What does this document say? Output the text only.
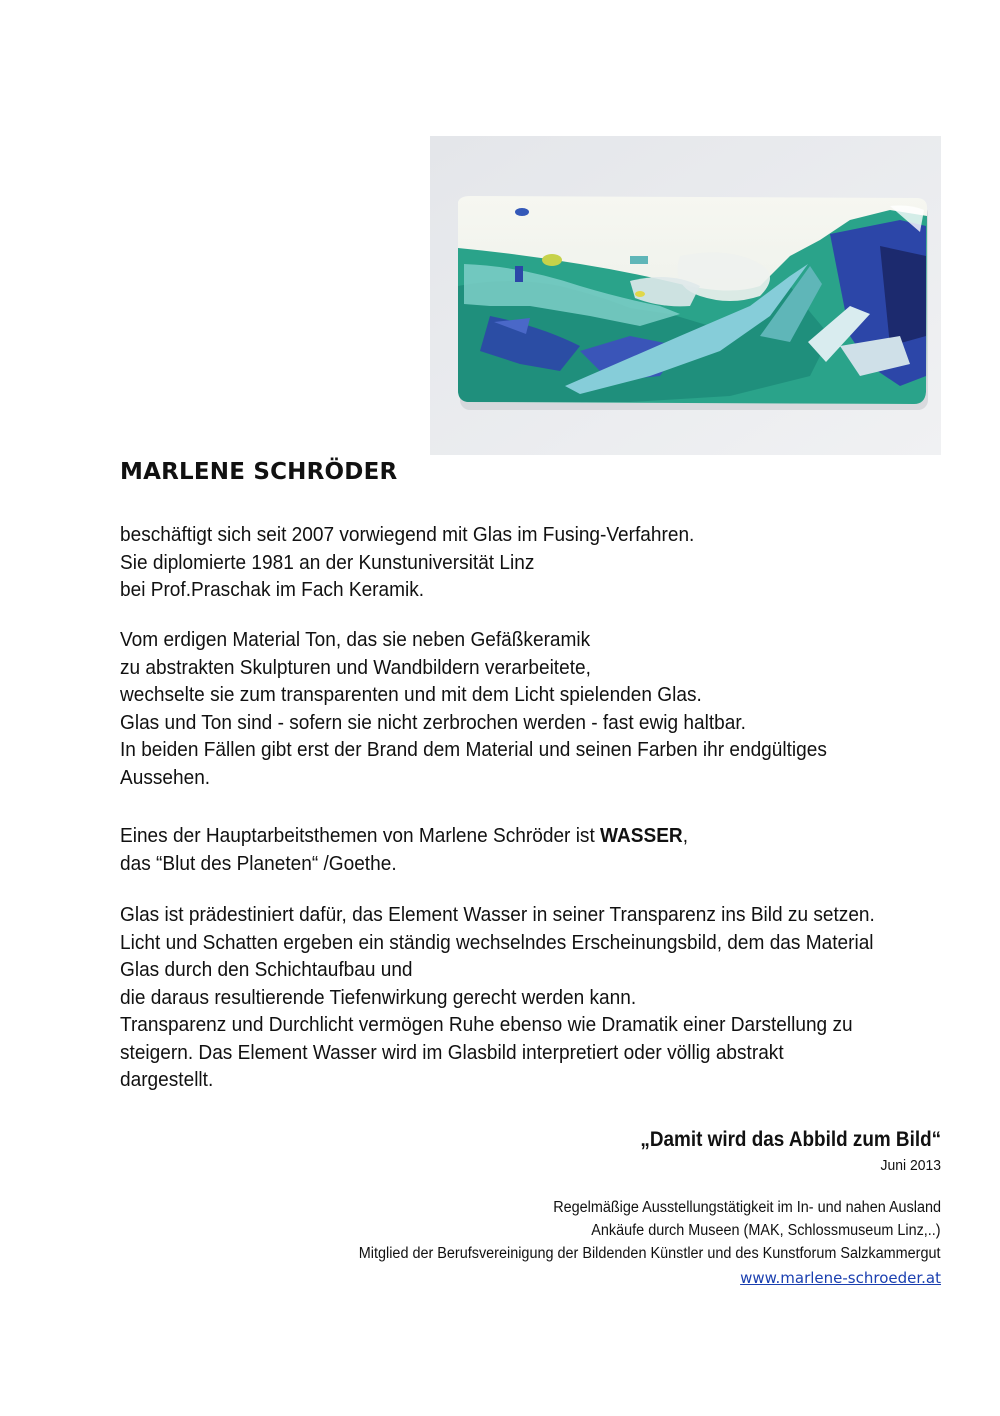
MARLENE SCHRÖDER
beschäftigt sich seit 2007 vorwiegend mit Glas im Fusing-Verfahren.
Sie diplomierte 1981 an der Kunstuniversität Linz
bei Prof.Praschak im Fach Keramik.
Vom erdigen Material Ton, das sie neben Gefäßkeramik
zu abstrakten Skulpturen und Wandbildern verarbeitete,
wechselte sie zum transparenten und mit dem Licht spielenden Glas.
Glas und Ton sind - sofern sie nicht zerbrochen werden - fast ewig haltbar.
In beiden Fällen gibt erst der Brand dem Material und seinen Farben ihr endgültiges
Aussehen.
Eines der Hauptarbeitsthemen von Marlene Schröder ist WASSER,
das “Blut des Planeten“ /Goethe.
Glas ist prädestiniert dafür, das Element Wasser in seiner Transparenz ins Bild zu setzen.
Licht und Schatten ergeben ein ständig wechselndes Erscheinungsbild, dem das Material
Glas durch den Schichtaufbau und
die daraus resultierende Tiefenwirkung gerecht werden kann.
Transparenz und Durchlicht vermögen Ruhe ebenso wie Dramatik einer Darstellung zu
steigern. Das Element Wasser wird im Glasbild interpretiert oder völlig abstrakt
dargestellt.
„Damit wird das Abbild zum Bild“
Juni 2013
Regelmäßige Ausstellungstätigkeit im In- und nahen Ausland
Ankäufe durch Museen (MAK, Schlossmuseum Linz,..)
Mitglied der Berufsvereinigung der Bildenden Künstler und des Kunstforum Salzkammergut
www.marlene-schroeder.at
